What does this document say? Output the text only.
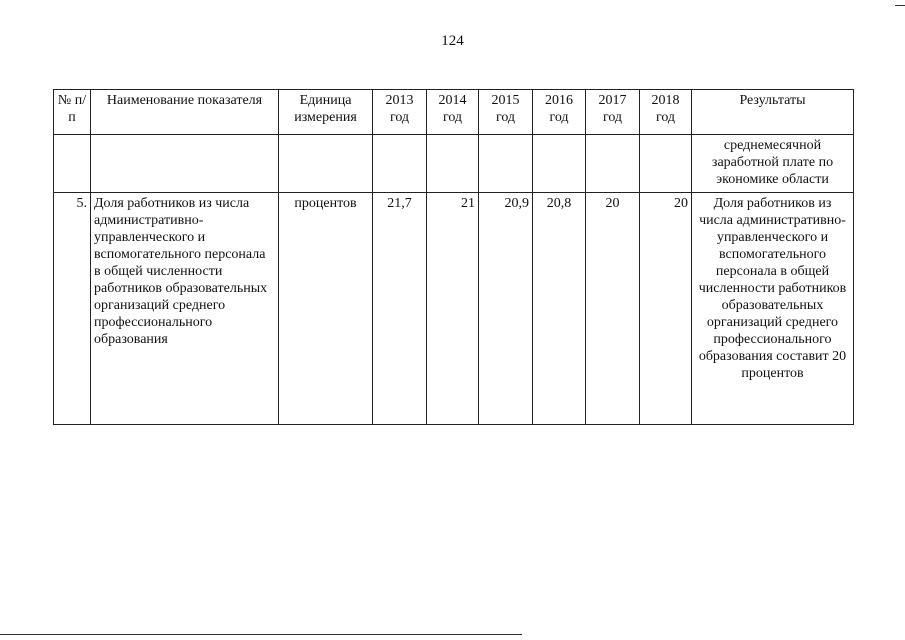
124
№ п/п	Наименование показателя	Единица измерения	2013 год	2014 год	2015 год	2016 год	2017 год	2018 год	Результаты
									среднемесячной заработной плате по экономике области
5.	Доля работников из числа административно-управленческого и вспомогательного персонала в общей численности работников образовательных организаций среднего профессионального образования	процентов	21,7	21	20,9	20,8	20	20	Доля работников из числа административно-управленческого и вспомогательного персонала в общей численности работников образовательных организаций среднего профессионального образования составит 20 процентов
